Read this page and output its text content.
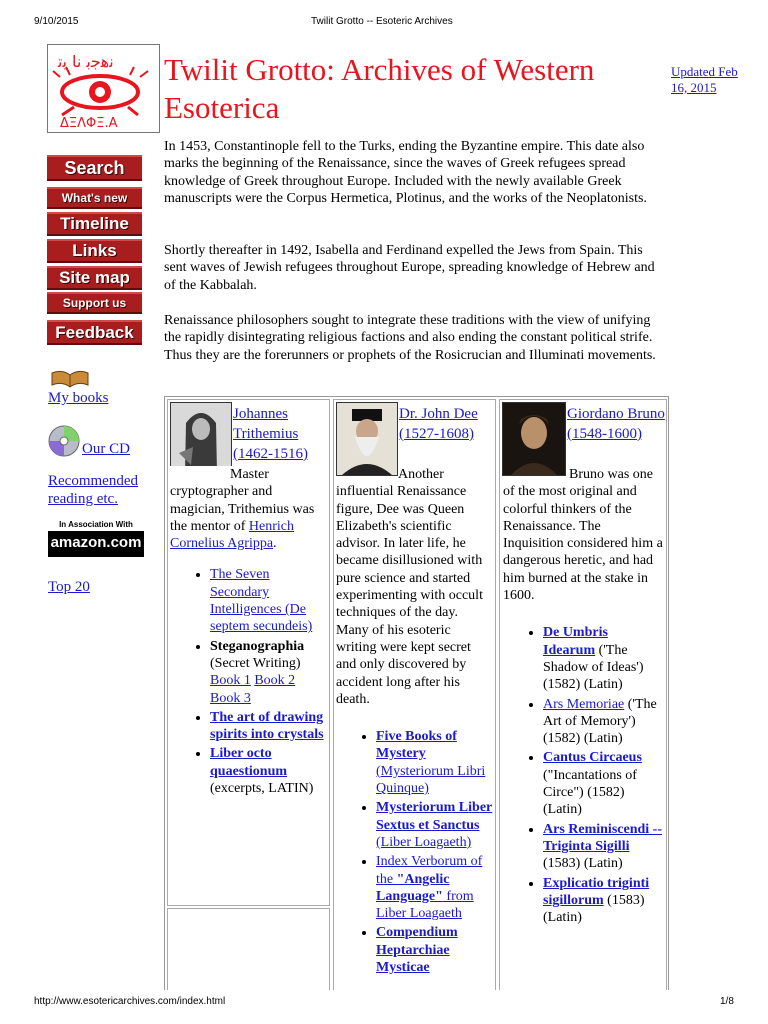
9/10/2015	Twilit Grotto -- Esoteric Archives
ﻧﻫﺟﺑ ﻧﺎ ﺑﺗ
ΔΞΛΦΞ.Α
Twilit Grotto: Archives of Western Esoterica
Updated Feb 16, 2015
Search
What's new
Timeline
Links
Site map
Support us
Feedback
My books
Our CD
Recommended reading etc.
In Association With
amazon.com
Top 20
In 1453, Constantinople fell to the Turks, ending the Byzantine empire. This date also marks the beginning of the Renaissance, since the waves of Greek refugees spread knowledge of Greek throughout Europe. Included with the newly available Greek manuscripts were the Corpus Hermetica, Plotinus, and the works of the Neoplatonists.
Shortly thereafter in 1492, Isabella and Ferdinand expelled the Jews from Spain. This sent waves of Jewish refugees throughout Europe, spreading knowledge of Hebrew and of the Kabbalah.
Renaissance philosophers sought to integrate these traditions with the view of unifying the rapidly disintegrating religious factions and also ending the constant political strife. Thus they are the forerunners or prophets of the Rosicrucian and Illuminati movements.
Master cryptographer and magician, Trithemius was the mentor of Henrich Cornelius Agrippa.
• The Seven Secondary Intelligences (De septem secundeis)
• Steganographia (Secret Writing)
Book 1 Book 2 Book 3
• The art of drawing spirits into crystals
• Liber octo quaestionum (excerpts, LATIN)
Johannes Trithemius (1462-1516)
Dr. John Dee (1527-1608)
Another influential Renaissance figure, Dee was Queen Elizabeth's scientific advisor. In later life, he became disillusioned with pure science and started experimenting with occult techniques of the day. Many of his esoteric writing were kept secret and only discovered by accident long after his death.
• Five Books of Mystery (Mysteriorum Libri Quinque)
• Mysteriorum Liber Sextus et Sanctus (Liber Loagaeth)
• Index Verborum of the "Angelic Language" from Liber Loagaeth
• Compendium Heptarchiae Mysticae
Giordano Bruno (1548-1600)
Bruno was one of the most original and colorful thinkers of the Renaissance. The Inquisition considered him a dangerous heretic, and had him burned at the stake in 1600.
• De Umbris Idearum ('The Shadow of Ideas') (1582) (Latin)
• Ars Memoriae ('The Art of Memory') (1582) (Latin)
• Cantus Circaeus ("Incantations of Circe") (1582) (Latin)
• Ars Reminiscendi -- Triginta Sigilli (1583) (Latin)
• Explicatio triginti sigillorum (1583) (Latin)
http://www.esotericarchives.com/index.html	1/8
